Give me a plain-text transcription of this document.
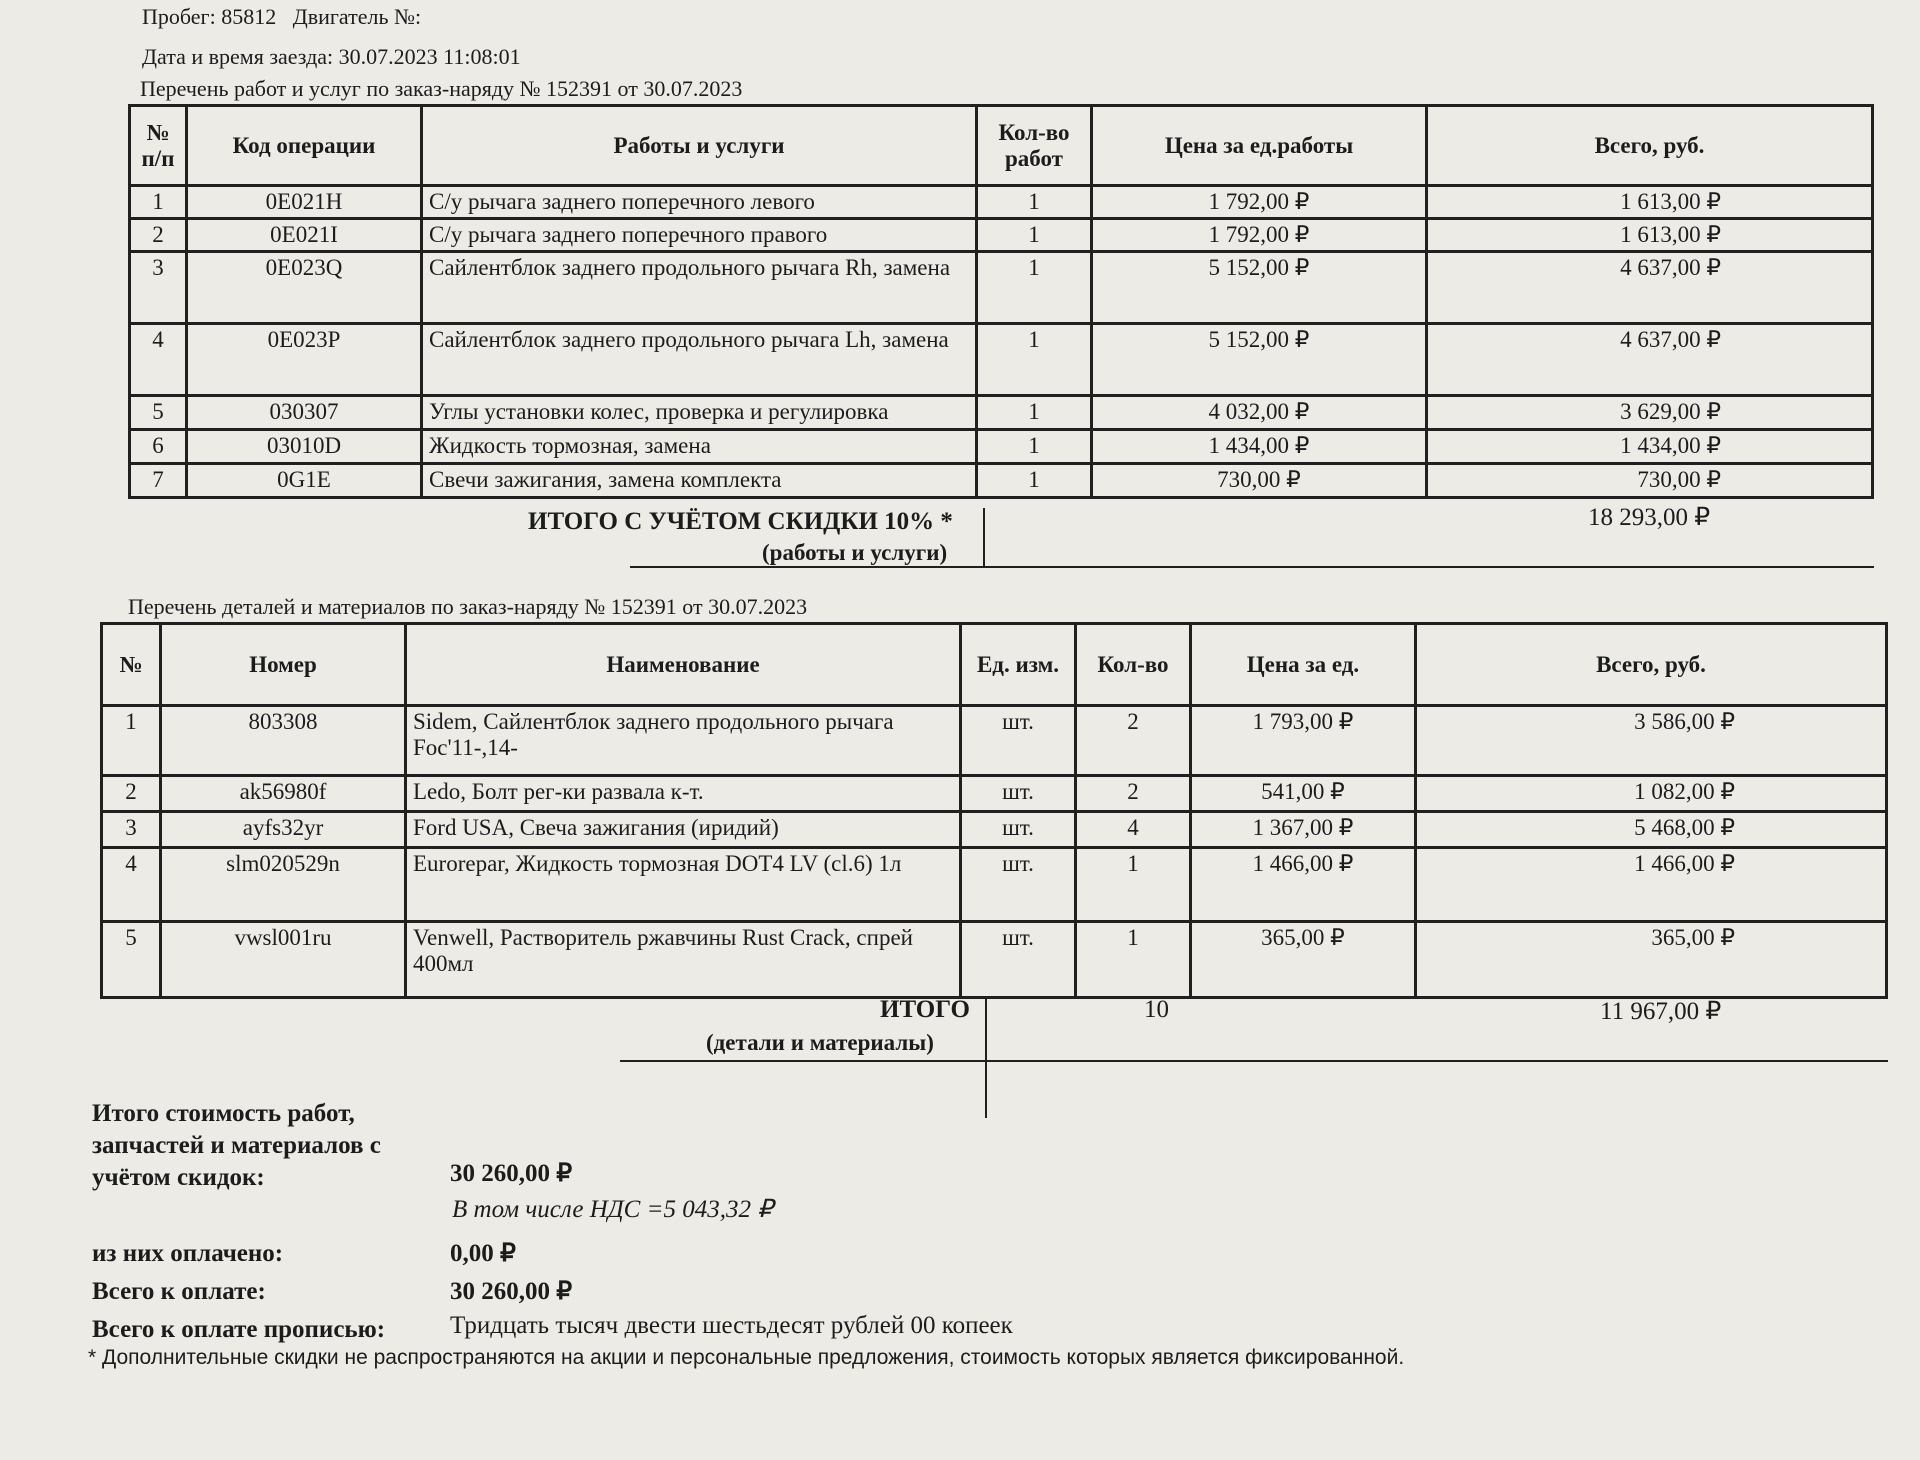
Пробег: 85812 Двигатель №:
Дата и время заезда: 30.07.2023 11:08:01
Перечень работ и услуг по заказ-наряду № 152391 от 30.07.2023
№ п/п	Код операции	Работы и услуги	Кол-во работ	Цена за ед.работы	Всего, руб.
1	0E021H	С/у рычага заднего поперечного левого	1	1 792,00 ₽	1 613,00 ₽
2	0E021I	С/у рычага заднего поперечного правого	1	1 792,00 ₽	1 613,00 ₽
3	0E023Q	Сайлентблок заднего продольного рычага Rh, замена	1	5 152,00 ₽	4 637,00 ₽
4	0E023P	Сайлентблок заднего продольного рычага Lh, замена	1	5 152,00 ₽	4 637,00 ₽
5	030307	Углы установки колес, проверка и регулировка	1	4 032,00 ₽	3 629,00 ₽
6	03010D	Жидкость тормозная, замена	1	1 434,00 ₽	1 434,00 ₽
7	0G1E	Свечи зажигания, замена комплекта	1	730,00 ₽	730,00 ₽
ИТОГО С УЧЁТОМ СКИДКИ 10% *
(работы и услуги)
18 293,00 ₽
Перечень деталей и материалов по заказ-наряду № 152391 от 30.07.2023
№	Номер	Наименование	Ед. изм.	Кол-во	Цена за ед.	Всего, руб.
1	803308	Sidem, Сайлентблок заднего продольного рычага Foc'11-,14-	шт.	2	1 793,00 ₽	3 586,00 ₽
2	ak56980f	Ledo, Болт рег-ки развала к-т.	шт.	2	541,00 ₽	1 082,00 ₽
3	ayfs32yr	Ford USA, Свеча зажигания (иридий)	шт.	4	1 367,00 ₽	5 468,00 ₽
4	slm020529n	Eurorepar, Жидкость тормозная DOT4 LV (cl.6) 1л	шт.	1	1 466,00 ₽	1 466,00 ₽
5	vwsl001ru	Venwell, Растворитель ржавчины Rust Crack, спрей 400мл	шт.	1	365,00 ₽	365,00 ₽
ИТОГО
(детали и материалы)
10	11 967,00 ₽
Итого стоимость работ, запчастей и материалов с учётом скидок:	30 260,00 ₽
В том числе НДС =5 043,32 ₽
из них оплачено:	0,00 ₽
Всего к оплате:	30 260,00 ₽
Всего к оплате прописью:	Тридцать тысяч двести шестьдесят рублей 00 копеек
* Дополнительные скидки не распространяются на акции и персональные предложения, стоимость которых является фиксированной.
